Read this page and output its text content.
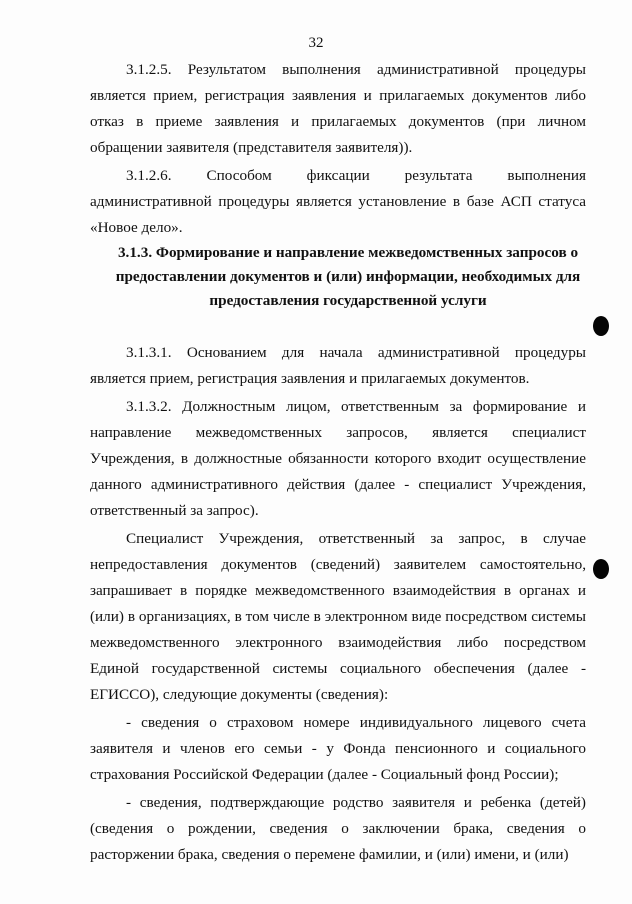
32

3.1.2.5. Результатом выполнения административной процедуры является прием, регистрация заявления и прилагаемых документов либо отказ в приеме заявления и прилагаемых документов (при личном обращении заявителя (представителя заявителя)).

3.1.2.6. Способом фиксации результата выполнения административной процедуры является установление в базе АСП статуса «Новое дело».

3.1.3. Формирование и направление межведомственных запросов о
предоставлении документов и (или) информации, необходимых для
предоставления государственной услуги

3.1.3.1. Основанием для начала административной процедуры является прием, регистрация заявления и прилагаемых документов.

3.1.3.2. Должностным лицом, ответственным за формирование и направление межведомственных запросов, является специалист Учреждения, в должностные обязанности которого входит осуществление данного административного действия (далее - специалист Учреждения, ответственный за запрос).

Специалист Учреждения, ответственный за запрос, в случае непредоставления документов (сведений) заявителем самостоятельно, запрашивает в порядке межведомственного взаимодействия в органах и (или) в организациях, в том числе в электронном виде посредством системы межведомственного электронного взаимодействия либо посредством Единой государственной системы социального обеспечения (далее - ЕГИССО), следующие документы (сведения):

- сведения о страховом номере индивидуального лицевого счета заявителя и членов его семьи - у Фонда пенсионного и социального страхования Российской Федерации (далее - Социальный фонд России);

- сведения, подтверждающие родство заявителя и ребенка (детей) (сведения о рождении, сведения о заключении брака, сведения о расторжении брака, сведения о перемене фамилии, и (или) имени, и (или)
